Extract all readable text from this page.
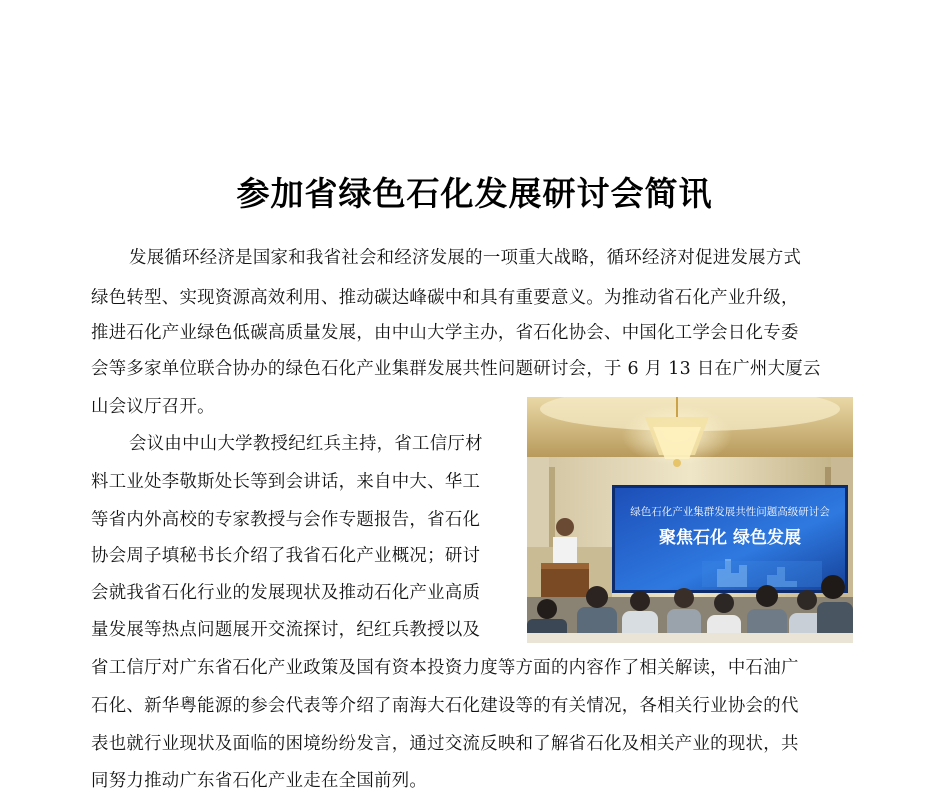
参加省绿色石化发展研讨会简讯
发展循环经济是国家和我省社会和经济发展的一项重大战略，循环经济对促进发展方式
绿色转型、实现资源高效利用、推动碳达峰碳中和具有重要意义。为推动省石化产业升级，
推进石化产业绿色低碳高质量发展，由中山大学主办，省石化协会、中国化工学会日化专委
会等多家单位联合协办的绿色石化产业集群发展共性问题研讨会，于 6 月 13 日在广州大厦云
山会议厅召开。
会议由中山大学教授纪红兵主持，省工信厅材
料工业处李敬斯处长等到会讲话，来自中大、华工
等省内外高校的专家教授与会作专题报告，省石化
协会周子填秘书长介绍了我省石化产业概况；研讨
会就我省石化行业的发展现状及推动石化产业高质
量发展等热点问题展开交流探讨，纪红兵教授以及
省工信厅对广东省石化产业政策及国有资本投资力度等方面的内容作了相关解读，中石油广
石化、新华粤能源的参会代表等介绍了南海大石化建设等的有关情况，各相关行业协会的代
表也就行业现状及面临的困境纷纷发言，通过交流反映和了解省石化及相关产业的现状，共
同努力推动广东省石化产业走在全国前列。
绿色石化产业集群发展共性问题高级研讨会
聚焦石化 绿色发展
